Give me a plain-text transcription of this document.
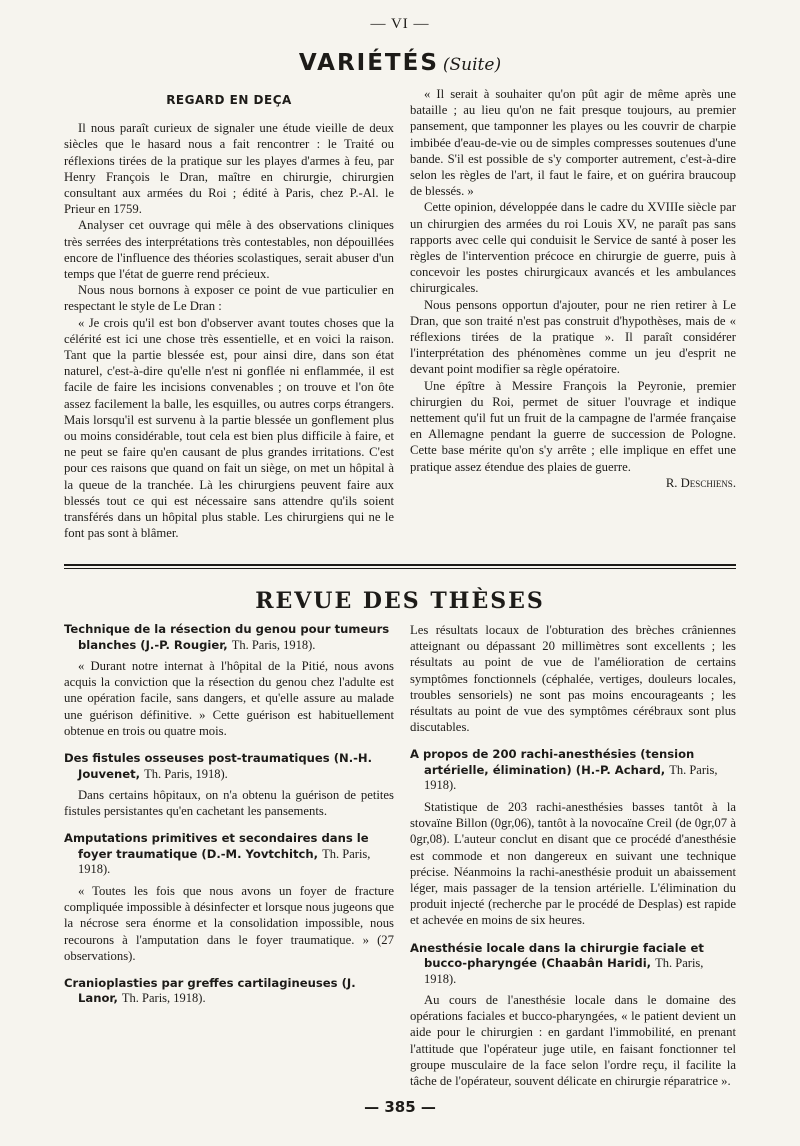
— VI —
VARIÉTÉS (Suite)
REGARD EN DEÇA

Il nous paraît curieux de signaler une étude vieille de deux siècles que le hasard nous a fait rencontrer : le Traité ou réflexions tirées de la pratique sur les playes d'armes à feu, par Henry François le Dran, maître en chirurgie, chirurgien consultant aux armées du Roi ; édité à Paris, chez P.-Al. le Prieur en 1759.

Analyser cet ouvrage qui mêle à des observations cliniques très serrées des interprétations très contestables, non dépouillées encore de l'influence des théories scolastiques, serait abuser d'un temps que l'état de guerre rend précieux.

Nous nous bornons à exposer ce point de vue particulier en respectant le style de Le Dran :

« Je crois qu'il est bon d'observer avant toutes choses que la célérité est ici une chose très essentielle, et en voici la raison. Tant que la partie blessée est, pour ainsi dire, dans son état naturel, c'est-à-dire qu'elle n'est ni gonflée ni enflammée, il est facile de faire les incisions convenables ; on trouve et l'on ôte assez facilement la balle, les esquilles, ou autres corps étrangers. Mais lorsqu'il est survenu à la partie blessée un gonflement plus ou moins considérable, tout cela est bien plus difficile à faire, et ne peut se faire qu'en causant de plus grandes irritations. C'est pour ces raisons que quand on fait un siège, on met un hôpital à la queue de la tranchée. Là les chirurgiens peuvent faire aux blessés tout ce qui est nécessaire sans attendre qu'ils soient transférés dans un hôpital plus stable. Les chirurgiens qui ne le font pas sont à blâmer.

« Il serait à souhaiter qu'on pût agir de même après une bataille ; au lieu qu'on ne fait presque toujours, au premier pansement, que tamponner les playes ou les couvrir de charpie imbibée d'eau-de-vie ou de simples compresses soutenues d'une bande. S'il est possible de s'y comporter autrement, c'est-à-dire selon les règles de l'art, il faut le faire, et on guérira braucoup de blessés. »

Cette opinion, développée dans le cadre du XVIIIe siècle par un chirurgien des armées du roi Louis XV, ne paraît pas sans rapports avec celle qui conduisit le Service de santé à poser les règles de l'intervention précoce en chirurgie de guerre, puis à concevoir les postes chirurgicaux avancés et les ambulances chirurgicales.

Nous pensons opportun d'ajouter, pour ne rien retirer à Le Dran, que son traité n'est pas construit d'hypothèses, mais de « réflexions tirées de la pratique ». Il paraît considérer l'interprétation des phénomènes comme un jeu d'esprit ne devant point modifier sa règle opératoire.

Une épître à Messire François la Peyronie, premier chirurgien du Roi, permet de situer l'ouvrage et indique nettement qu'il fut un fruit de la campagne de l'armée française en Allemagne pendant la guerre de succession de Pologne. Cette base mérite qu'on s'y arrête ; elle implique en effet une pratique assez étendue des plaies de guerre.

R. Deschiens.
REVUE DES THÈSES
Technique de la résection du genou pour tumeurs blanches (J.-P. Rougier, Th. Paris, 1918).

« Durant notre internat à l'hôpital de la Pitié, nous avons acquis la conviction que la résection du genou chez l'adulte est une opération facile, sans dangers, et qu'elle assure au malade une guérison définitive. » Cette guérison est habituellement obtenue en trois ou quatre mois.

Des fistules osseuses post-traumatiques (N.-H. Jouvenet, Th. Paris, 1918).

Dans certains hôpitaux, on n'a obtenu la guérison de petites fistules persistantes qu'en cachetant les pansements.

Amputations primitives et secondaires dans le foyer traumatique (D.-M. Yovtchitch, Th. Paris, 1918).

« Toutes les fois que nous avons un foyer de fracture compliquée impossible à désinfecter et lorsque nous jugeons que la nécrose sera énorme et la consolidation impossible, nous recourons à l'amputation dans le foyer traumatique. » (27 observations).

Cranioplasties par greffes cartilagineuses (J. Lanor, Th. Paris, 1918).

Les résultats locaux de l'obturation des brèches crâniennes atteignant ou dépassant 20 millimètres sont excellents ; les résultats au point de vue de l'amélioration de certains symptômes fonctionnels (céphalée, vertiges, douleurs locales, troubles sensoriels) ne sont pas moins encourageants ; les résultats au point de vue des symptômes cérébraux sont plus discutables.

A propos de 200 rachi-anesthésies (tension artérielle, élimination) (H.-P. Achard, Th. Paris, 1918).

Statistique de 203 rachi-anesthésies basses tantôt à la stovaïne Billon (0gr,06), tantôt à la novocaïne Creil (de 0gr,07 à 0gr,08). L'auteur conclut en disant que ce procédé d'anesthésie est commode et non dangereux en suivant une technique précise. Néanmoins la rachi-anesthésie produit un abaissement léger, mais passager de la tension artérielle. L'élimination du produit injecté (recherche par le procédé de Desplas) est rapide et achevée en moins de six heures.

Anesthésie locale dans la chirurgie faciale et bucco-pharyngée (Chaabân Haridi, Th. Paris, 1918).

Au cours de l'anesthésie locale dans le domaine des opérations faciales et bucco-pharyngées, « le patient devient un aide pour le chirurgien : en gardant l'immobilité, en prenant l'attitude que l'opérateur juge utile, en faisant fonctionner tel groupe musculaire de la face selon l'ordre reçu, il facilite la tâche de l'opérateur, souvent délicate en chirurgie réparatrice ».

— 385 —
